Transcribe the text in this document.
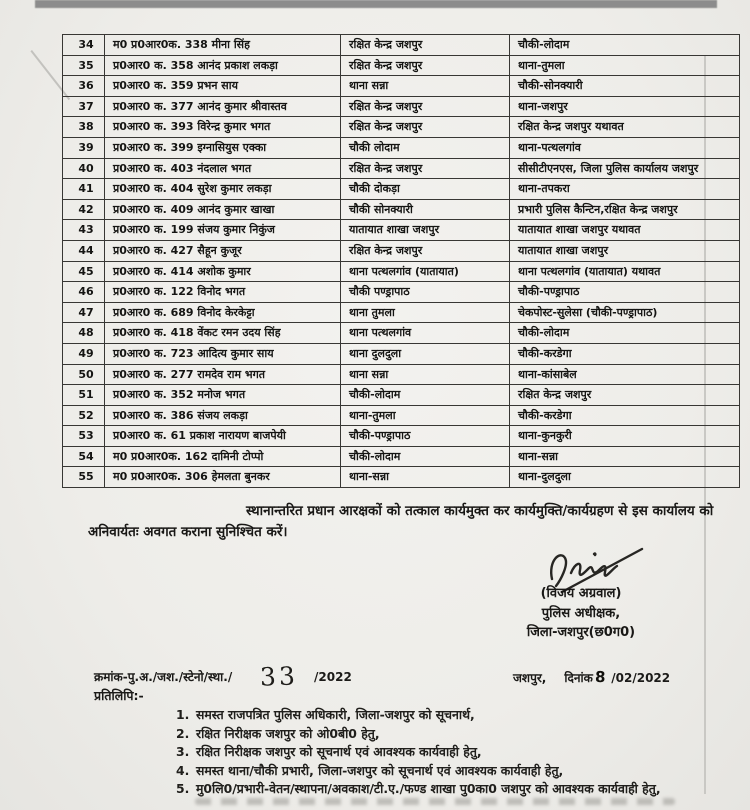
34	म0 प्र0आर0क. 338 मीना सिंह	रक्षित केन्द्र जशपुर	चौकी-लोदाम
35	प्र0आर0 क. 358 आनंद प्रकाश लकड़ा	रक्षित केन्द्र जशपुर	थाना-तुमला
36	प्र0आर0 क. 359 प्रभन साय	थाना सन्ना	चौकी-सोनक्यारी
37	प्र0आर0 क. 377 आनंद कुमार श्रीवास्तव	रक्षित केन्द्र जशपुर	थाना-जशपुर
38	प्र0आर0 क. 393 विरेन्द्र कुमार भगत	रक्षित केन्द्र जशपुर	रक्षित केन्द्र जशपुर यथावत
39	प्र0आर0 क. 399 इग्नासियुस एक्का	चौकी लोदाम	थाना-पत्थलगांव
40	प्र0आर0 क. 403 नंदलाल भगत	रक्षित केन्द्र जशपुर	सीसीटीएनएस, जिला पुलिस कार्यालय जशपुर
41	प्र0आर0 क. 404 सुरेश कुमार लकड़ा	चौकी दोकड़ा	थाना-तपकरा
42	प्र0आर0 क. 409 आनंद कुमार खाखा	चौकी सोनक्यारी	प्रभारी पुलिस कैन्टिन,रक्षित केन्द्र जशपुर
43	प्र0आर0 क. 199 संजय कुमार निकुंज	यातायात शाखा जशपुर	यातायात शाखा जशपुर यथावत
44	प्र0आर0 क. 427 सैहून कुजूर	रक्षित केन्द्र जशपुर	यातायात शाखा जशपुर
45	प्र0आर0 क. 414 अशोक कुमार	थाना पत्थलगांव (यातायात)	थाना पत्थलगांव (यातायात) यथावत
46	प्र0आर0 क. 122 विनोद भगत	चौकी पण्ड्रापाठ	चौकी-पण्ड्रापाठ
47	प्र0आर0 क. 689 विनोद केरकेट्टा	थाना तुमला	चेकपोस्ट-सुलेसा (चौकी-पण्ड्रापाठ)
48	प्र0आर0 क. 418 वेंकट रमन उदय सिंह	थाना पत्थलगांव	चौकी-लोदाम
49	प्र0आर0 क. 723 आदित्य कुमार साय	थाना दुलदुला	चौकी-करडेगा
50	प्र0आर0 क. 277 रामदेव राम भगत	थाना सन्ना	थाना-कांसाबेल
51	प्र0आर0 क. 352 मनोज भगत	चौकी-लोदाम	रक्षित केन्द्र जशपुर
52	प्र0आर0 क. 386 संजय लकड़ा	थाना-तुमला	चौकी-करडेगा
53	प्र0आर0 क. 61 प्रकाश नारायण बाजपेयी	चौकी-पण्ड्रापाठ	थाना-कुनकुरी
54	म0 प्र0आर0क. 162 दामिनी टोप्पो	चौकी-लोदाम	थाना-सन्ना
55	म0 प्र0आर0क. 306 हेमलता बुनकर	थाना-सन्ना	थाना-दुलदुला
स्थानान्तरित प्रधान आरक्षकों को तत्काल कार्यमुक्त कर कार्यमुक्ति/कार्यग्रहण से इस कार्यालय को
अनिवार्यतः अवगत कराना सुनिश्चित करें।
(विजय अग्रवाल)
पुलिस अधीक्षक,
जिला-जशपुर(छ0ग0)
क्रमांक-पु.अ./जश./स्टेनो/स्था./ 33 /2022	जशपुर, दिनांक 8 /02/2022
प्रतिलिपि:-
1. समस्त राजपत्रित पुलिस अधिकारी, जिला-जशपुर को सूचनार्थ,
2. रक्षित निरीक्षक जशपुर को ओ0बी0 हेतु,
3. रक्षित निरीक्षक जशपुर को सूचनार्थ एवं आवश्यक कार्यवाही हेतु,
4. समस्त थाना/चौकी प्रभारी, जिला-जशपुर को सूचनार्थ एवं आवश्यक कार्यवाही हेतु,
5. मु0लि0/प्रभारी-वेतन/स्थापना/अवकाश/टी.ए./फण्ड शाखा पु0का0 जशपुर को आवश्यक कार्यवाही हेतु,
